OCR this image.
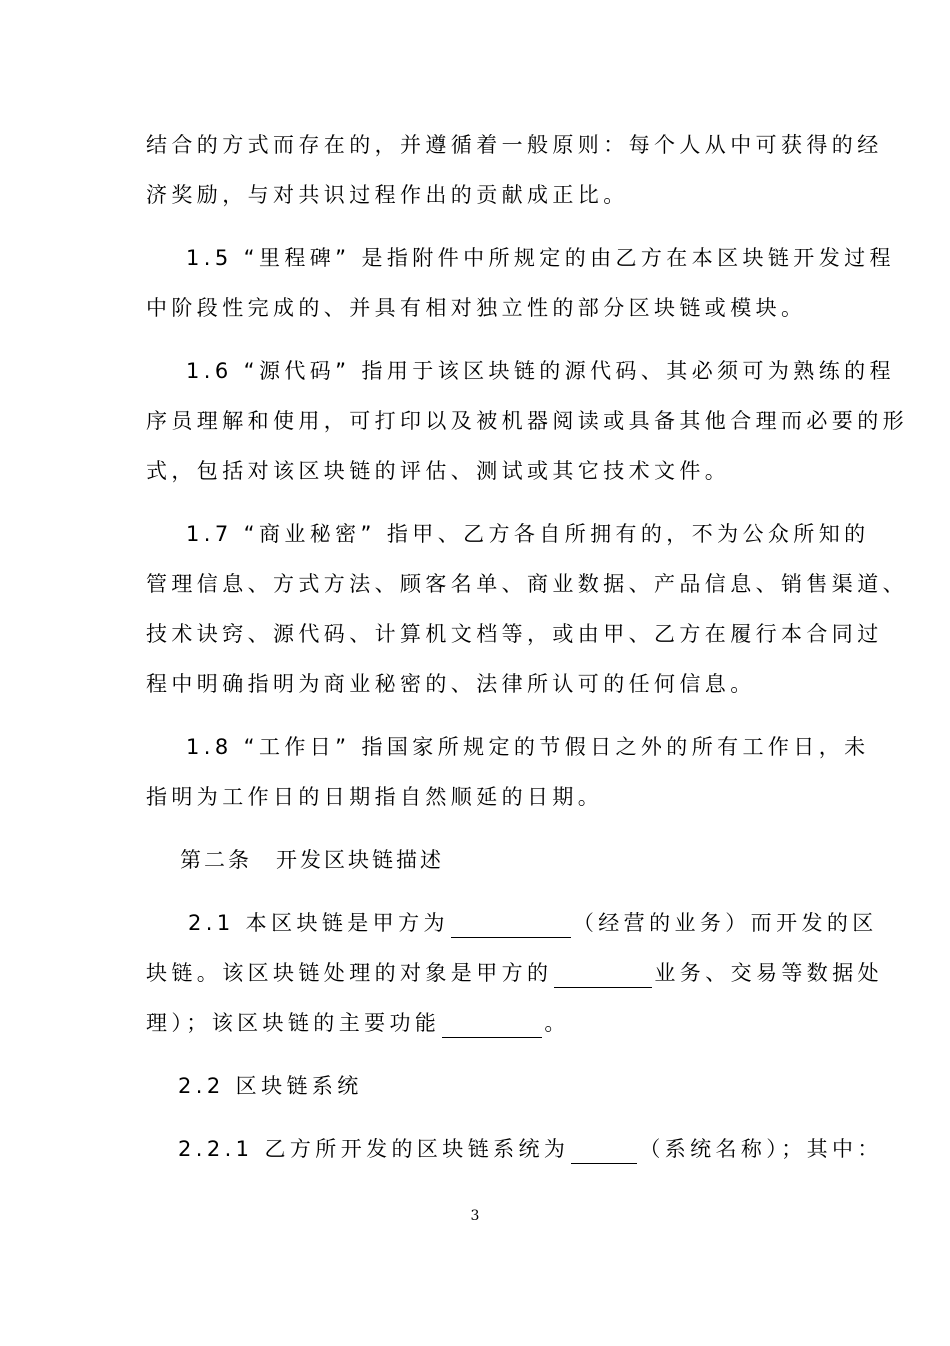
结合的方式而存在的，并遵循着一般原则：每个人从中可获得的经
济奖励，与对共识过程作出的贡献成正比。
1.5 “里程碑” 是指附件中所规定的由乙方在本区块链开发过程
中阶段性完成的、并具有相对独立性的部分区块链或模块。
1.6 “源代码” 指用于该区块链的源代码、其必须可为熟练的程
序员理解和使用，可打印以及被机器阅读或具备其他合理而必要的形
式，包括对该区块链的评估、测试或其它技术文件。
1.7 “商业秘密” 指甲、乙方各自所拥有的，不为公众所知的
管理信息、方式方法、顾客名单、商业数据、产品信息、销售渠道、
技术诀窍、源代码、计算机文档等，或由甲、乙方在履行本合同过
程中明确指明为商业秘密的、法律所认可的任何信息。
1.8 “工作日” 指国家所规定的节假日之外的所有工作日，未
指明为工作日的日期指自然顺延的日期。
第二条　开发区块链描述
2.1 本区块链是甲方为	（经营的业务）而开发的区
块链。该区块链处理的对象是甲方的	业务、交易等数据处
理）；该区块链的主要功能	。
2.2 区块链系统
2.2.1 乙方所开发的区块链系统为	（系统名称）；其中：
3
